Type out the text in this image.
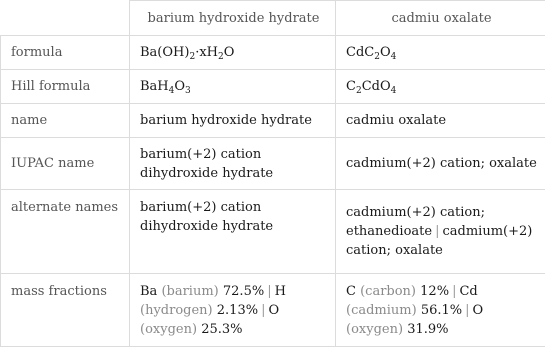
	barium hydroxide hydrate	cadmiu oxalate
formula	$Ba(OH)_2\cdot xH_2O$	$CdC_2O_4$
Hill formula	$BaH_4O_3$	$C_2CdO_4$
name	barium hydroxide hydrate	cadmiu oxalate
IUPAC name	barium(+2) cation dihydroxide hydrate	cadmium(+2) cation; oxalate
alternate names	barium(+2) cation dihydroxide hydrate	cadmium(+2) cation; ethanedioate | cadmium(+2) cation; oxalate
mass fractions	Ba (barium) 72.5% | H (hydrogen) 2.13% | O (oxygen) 25.3%	C (carbon) 12% | Cd (cadmium) 56.1% | O (oxygen) 31.9%
